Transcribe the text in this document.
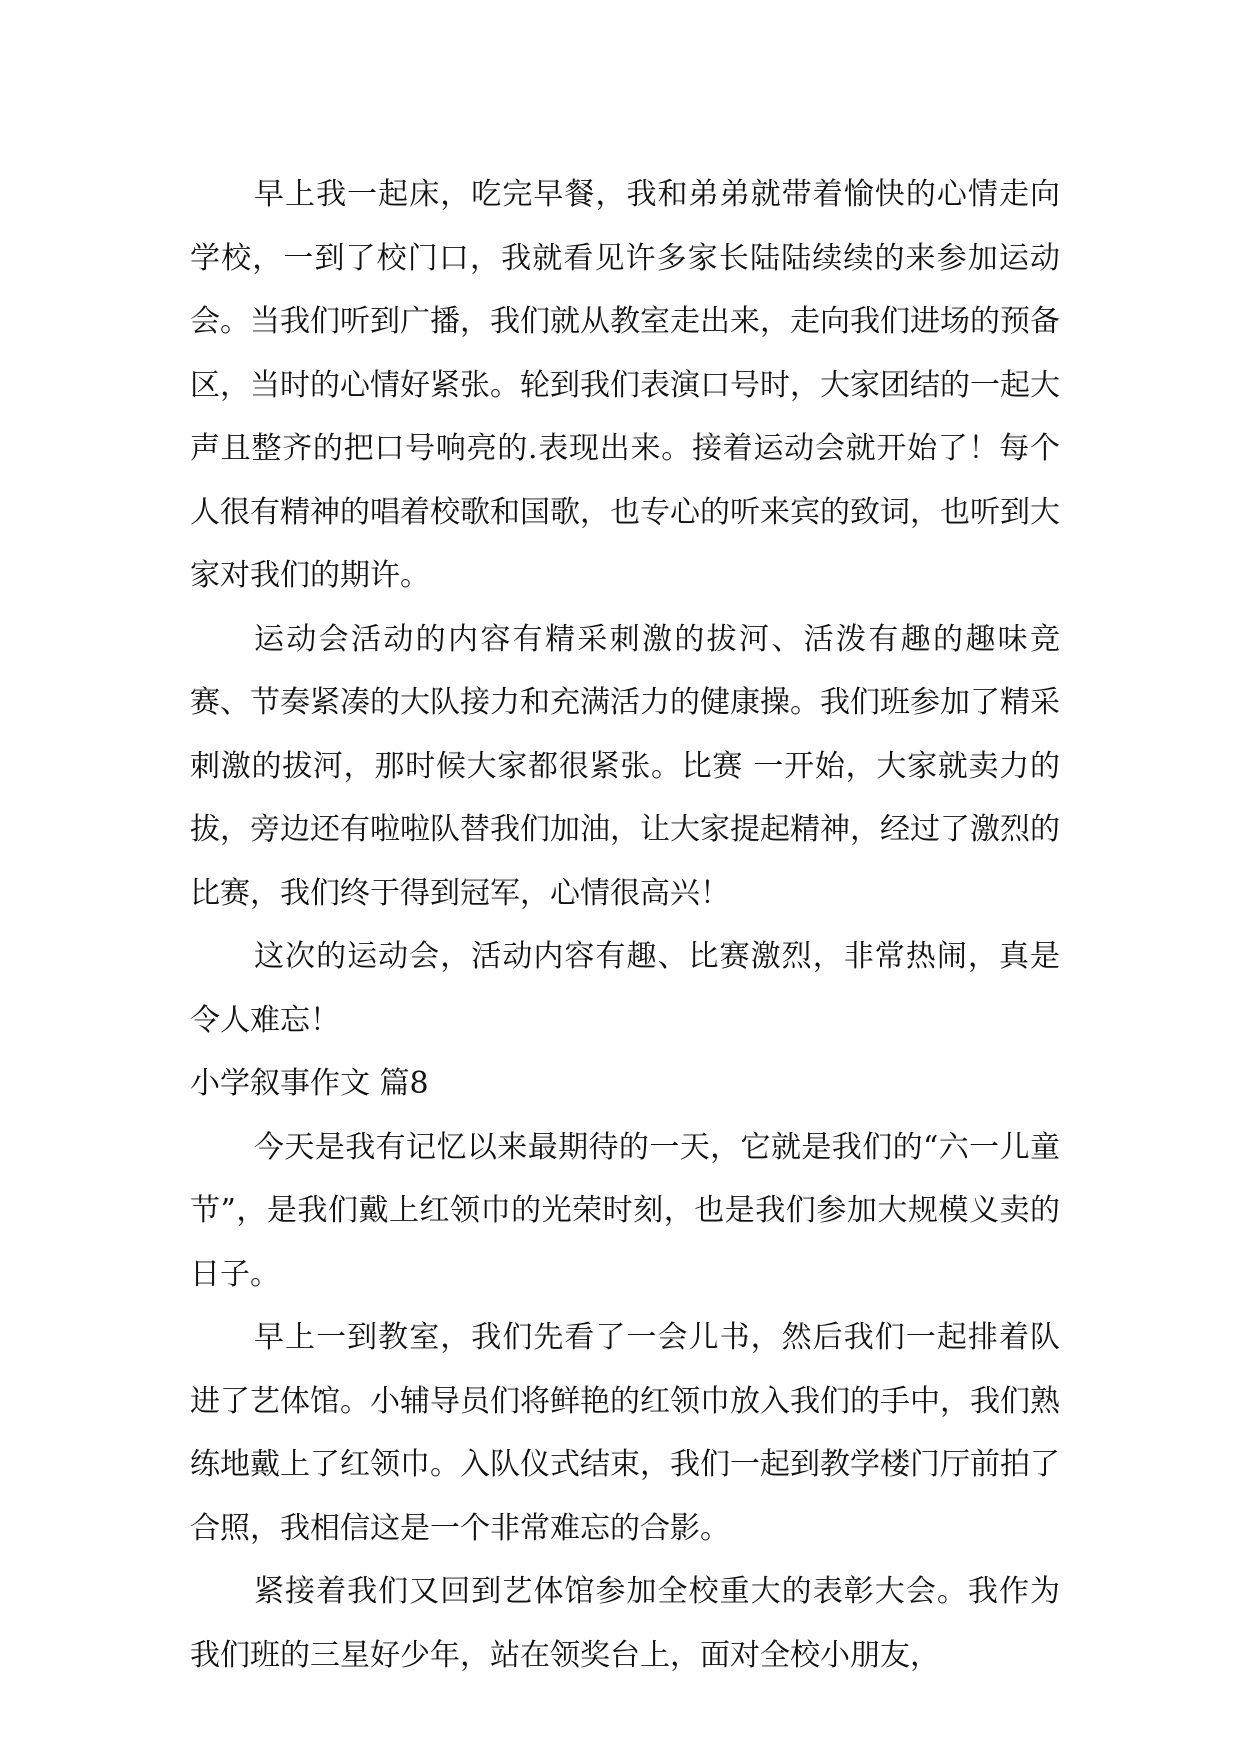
早上我一起床，吃完早餐，我和弟弟就带着愉快的心情走向学校，一到了校门口，我就看见许多家长陆陆续续的来参加运动会。当我们听到广播，我们就从教室走出来，走向我们进场的预备区，当时的心情好紧张。轮到我们表演口号时，大家团结的一起大声且整齐的把口号响亮的.表现出来。接着运动会就开始了！每个人很有精神的唱着校歌和国歌，也专心的听来宾的致词，也听到大家对我们的期许。

运动会活动的内容有精采刺激的拔河、活泼有趣的趣味竞赛、节奏紧凑的大队接力和充满活力的健康操。我们班参加了精采刺激的拔河，那时候大家都很紧张。比赛 一开始，大家就卖力的拔，旁边还有啦啦队替我们加油，让大家提起精神，经过了激烈的比赛，我们终于得到冠军，心情很高兴！

这次的运动会，活动内容有趣、比赛激烈，非常热闹，真是令人难忘！

小学叙事作文 篇8

今天是我有记忆以来最期待的一天，它就是我们的“六一儿童节”，是我们戴上红领巾的光荣时刻，也是我们参加大规模义卖的日子。

早上一到教室，我们先看了一会儿书，然后我们一起排着队进了艺体馆。小辅导员们将鲜艳的红领巾放入我们的手中，我们熟练地戴上了红领巾。入队仪式结束，我们一起到教学楼门厅前拍了合照，我相信这是一个非常难忘的合影。

紧接着我们又回到艺体馆参加全校重大的表彰大会。我作为我们班的三星好少年，站在领奖台上，面对全校小朋友，
